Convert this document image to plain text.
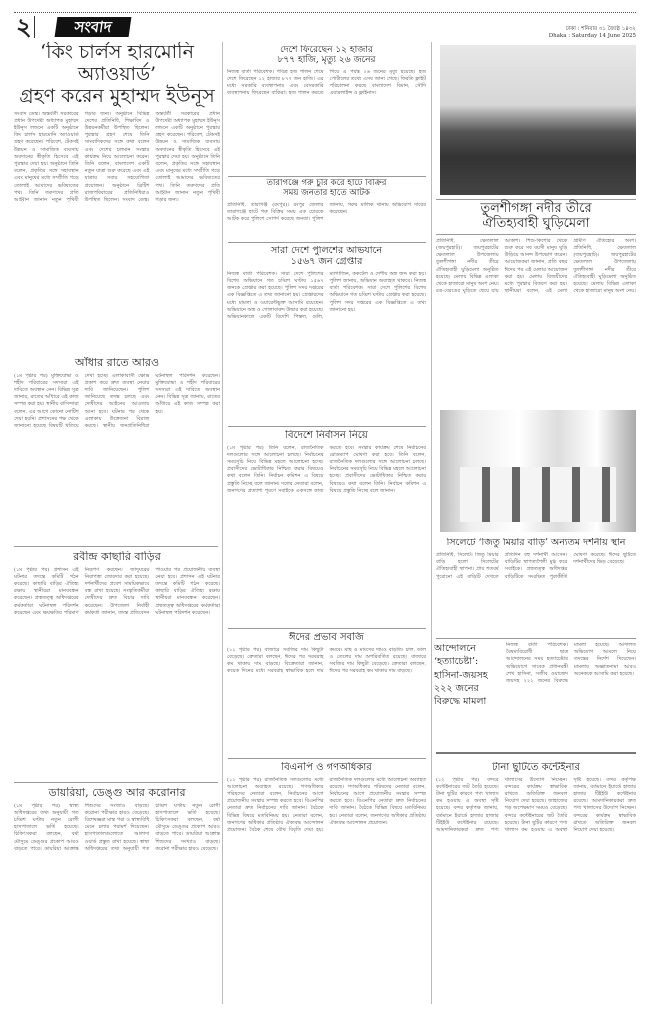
২	সংবাদ	ঢাকা : শনিবার ৩১ জ্যৈষ্ঠ ১৪৩২
Dhaka : Saturday 14 June 2025
‘কিং চার্লস হারমোনি অ্যাওয়ার্ড’
গ্রহণ করেন মুহাম্মদ ইউনূস
সংবাদ ডেস্ক। অন্তর্বর্তী সরকারের প্রধান উপদেষ্টা অধ্যাপক মুহাম্মদ ইউনূস লন্ডনে একটি অনুষ্ঠানে কিং চার্লস হারমোনি অ্যাওয়ার্ড গ্রহণ করেছেন। পরিবেশ, টেকসই উন্নয়ন ও সামাজিক ব্যবসায় অবদানের স্বীকৃতি হিসেবে এই পুরস্কার দেয়া হয়। অনুষ্ঠানে তিনি বলেন, প্রকৃতির সঙ্গে সহাবস্থান এবং মানুষের মধ্যে সম্প্রীতি গড়ে তোলাই আমাদের ভবিষ্যতের পথ। তিনি তরুণদের প্রতি আহ্বান জানান নতুন পৃথিবী গড়ার জন্য। অনুষ্ঠানে বিভিন্ন দেশের প্রতিনিধি, শিক্ষাবিদ ও উন্নয়নকর্মীরা উপস্থিত ছিলেন। পুরস্কার গ্রহণ শেষে তিনি সাংবাদিকদের সঙ্গে কথা বলেন এবং দেশের চলমান সংস্কার কার্যক্রম নিয়ে আলোচনা করেন। তিনি বলেন, বাংলাদেশ একটি নতুন যাত্রা শুরু করেছে এবং এই যাত্রায় সবার সহযোগিতা প্রয়োজন। অনুষ্ঠানে ব্রিটিশ রাজপরিবারের প্রতিনিধিরাও উপস্থিত ছিলেন। সংবাদ ডেস্ক। অন্তর্বর্তী সরকারের প্রধান উপদেষ্টা অধ্যাপক মুহাম্মদ ইউনূস লন্ডনে একটি অনুষ্ঠানে পুরস্কার গ্রহণ করেছেন। পরিবেশ, টেকসই উন্নয়ন ও সামাজিক ব্যবসায় অবদানের স্বীকৃতি হিসেবে এই পুরস্কার দেয়া হয়। অনুষ্ঠানে তিনি বলেন, প্রকৃতির সঙ্গে সহাবস্থান এবং মানুষের মধ্যে সম্প্রীতি গড়ে তোলাই আমাদের ভবিষ্যতের পথ। তিনি তরুণদের প্রতি আহ্বান জানান নতুন পৃথিবী গড়ার জন্য।
আঁধার রাতে আরও
(১ম পৃষ্ঠার পর) মুক্তিযোদ্ধা ও শহীদ পরিবারের সদস্যরা এই দাবিতে অবস্থান নেন। বিভিন্ন সূত্র জানায়, রাতের আঁধারে এই কাজ সম্পন্ন করা হয়। স্থানীয় বাসিন্দারা বলেন, এর আগে কোনো নোটিশ দেয়া হয়নি। প্রশাসনের পক্ষ থেকে জানানো হয়েছে বিষয়টি খতিয়ে দেখা হচ্ছে। এলাকাবাসী ক্ষোভ প্রকাশ করে দ্রুত ব্যবস্থা নেয়ার দাবি জানিয়েছেন। পুলিশ জানিয়েছে তদন্ত চলছে এবং দোষীদের আইনের আওতায় আনা হবে। ঘটনার পর থেকে এলাকায় উত্তেজনা বিরাজ করছে। স্থানীয় জনপ্রতিনিধিরা ঘটনাস্থল পরিদর্শন করেছেন। মুক্তিযোদ্ধা ও শহীদ পরিবারের সদস্যরা এই দাবিতে অবস্থান নেন। বিভিন্ন সূত্র জানায়, রাতের আঁধারে এই কাজ সম্পন্ন করা হয়।
রবীন্দ্র কাছারি বাড়ির
(১ম পৃষ্ঠার পর) প্রশাসন এই ঘটনার তদন্তে কমিটি গঠন করেছে। কাছারি বাড়ির ঐতিহ্য রক্ষায় স্থানীয়রা মানববন্ধন করেছেন। প্রত্নতত্ত্ব অধিদপ্তরের কর্মকর্তারা ঘটনাস্থল পরিদর্শন করেছেন এবং ক্ষয়ক্ষতির পরিমাণ নিরূপণ করছেন। জাদুঘরের নিরাপত্তা জোরদার করা হয়েছে। দর্শনার্থীদের প্রবেশ সাময়িকভাবে বন্ধ রাখা হয়েছে। সংস্কৃতিকর্মীরা দোষীদের দ্রুত বিচার দাবি করেছেন। উপজেলা নির্বাহী কর্মকর্তা জানান, তদন্ত প্রতিবেদন পাওয়ার পর প্রয়োজনীয় ব্যবস্থা নেয়া হবে। প্রশাসন এই ঘটনার তদন্তে কমিটি গঠন করেছে। কাছারি বাড়ির ঐতিহ্য রক্ষায় স্থানীয়রা মানববন্ধন করেছেন। প্রত্নতত্ত্ব অধিদপ্তরের কর্মকর্তারা ঘটনাস্থল পরিদর্শন করেছেন।
ডায়রিয়া, ডেঙ্গু আর করোনার
(১ম পৃষ্ঠার পর) স্বাস্থ্য অধিদপ্তরের তথ্য অনুযায়ী গত চব্বিশ ঘণ্টায় নতুন রোগী হাসপাতালে ভর্তি হয়েছে। চিকিৎসকরা বলছেন, বর্ষা মৌসুমে ডেঙ্গুর প্রকোপ আরও বাড়তে পারে। ডায়রিয়া আক্রান্ত শিশুদের সংখ্যাও বাড়ছে। করোনা পরীক্ষার হারও বেড়েছে। বিশেষজ্ঞরা মাস্ক পরা ও স্বাস্থ্যবিধি মেনে চলার পরামর্শ দিয়েছেন। হাসপাতালগুলোতে আলাদা ওয়ার্ড প্রস্তুত রাখা হয়েছে। স্বাস্থ্য অধিদপ্তরের তথ্য অনুযায়ী গত চব্বিশ ঘণ্টায় নতুন রোগী হাসপাতালে ভর্তি হয়েছে। চিকিৎসকরা বলছেন, বর্ষা মৌসুমে ডেঙ্গুর প্রকোপ আরও বাড়তে পারে। ডায়রিয়া আক্রান্ত শিশুদের সংখ্যাও বাড়ছে। করোনা পরীক্ষার হারও বেড়েছে।
দেশে ফিরেছেন ১২ হাজার
৮৭৭ হাজি, মৃত্যু ২৬ জনের
নিজস্ব বার্তা পরিবেশক। পবিত্র হজ পালন শেষে দেশে ফিরেছেন ১২ হাজার ৮৭৭ জন হাজি। এর মধ্যে সরকারি ব্যবস্থাপনায় এবং বেসরকারি ব্যবস্থাপনায় ফিরেছেন বাকিরা। হজ পালন করতে গিয়ে এ পর্যন্ত ২৬ জনের মৃত্যু হয়েছে। হজ পোর্টালের তথ্যে এসব জানা গেছে। ফিরতি ফ্লাইট পরিচালনা করছে বাংলাদেশ বিমান, সৌদি এয়ারলাইন্স ও ফ্লাইনাস।
তারাগঞ্জে গরু চুরি করে হাটে বিক্রির
সময় জনতার হাতে আটক
প্রতিনিধি, তারাগঞ্জ (রংপুর)। রংপুর জেলার তারাগঞ্জে হাটে গরু বিক্রির সময় এক চোরকে আটক করে পুলিশে সোপর্দ করেছে জনতা। পুলিশ জানায়, গরুর মালিক থানায় অভিযোগ দায়ের করেছেন।
সারা দেশে পুলিশের অভিযানে
১৫৬৭ জন গ্রেপ্তার
নিজস্ব বার্তা পরিবেশক। সারা দেশে পুলিশের বিশেষ অভিযানে গত চব্বিশ ঘণ্টায় ১৫৬৭ জনকে গ্রেপ্তার করা হয়েছে। পুলিশ সদর দপ্তরের এক বিজ্ঞপ্তিতে এ তথ্য জানানো হয়। গ্রেপ্তারদের মধ্যে মামলা ও ওয়ারেন্টভুক্ত আসামি রয়েছেন। অভিযানে অস্ত্র ও গোলাবারুদ উদ্ধার করা হয়েছে। অভিযানকালে একটি বিদেশি পিস্তল, গুলি, ম্যাগাজিন, ককটেল ও দেশীয় অস্ত্র জব্দ করা হয়। পুলিশ জানায়, অভিযান অব্যাহত থাকবে। নিজস্ব বার্তা পরিবেশক। সারা দেশে পুলিশের বিশেষ অভিযানে গত চব্বিশ ঘণ্টায় গ্রেপ্তার করা হয়েছে। পুলিশ সদর দপ্তরের এক বিজ্ঞপ্তিতে এ তথ্য জানানো হয়।
বিদেশে নির্বাসন নিয়ে
(১ম পৃষ্ঠার পর) তিনি বলেন, রাজনৈতিক দলগুলোর সঙ্গে আলোচনা চলছে। নির্বাচনের সময়সূচি নিয়ে বিভিন্ন মহলে আলোচনা হচ্ছে। প্রবাসীদের ভোটাধিকার নিশ্চিত করার বিষয়েও কথা বলেন তিনি। নির্বাচন কমিশন এ বিষয়ে প্রস্তুতি নিচ্ছে বলে জানান। দলের নেতারা বলেন, জনগণের প্রত্যাশা পূরণে সবাইকে একসঙ্গে কাজ করতে হবে। সংস্কার কার্যক্রম শেষে নির্বাচনের রোডম্যাপ ঘোষণা করা হবে। তিনি বলেন, রাজনৈতিক দলগুলোর সঙ্গে আলোচনা চলছে। নির্বাচনের সময়সূচি নিয়ে বিভিন্ন মহলে আলোচনা হচ্ছে। প্রবাসীদের ভোটাধিকার নিশ্চিত করার বিষয়েও কথা বলেন তিনি। নির্বাচন কমিশন এ বিষয়ে প্রস্তুতি নিচ্ছে বলে জানান।
ঈদের প্রভাব সবজি
(১১ পৃষ্ঠার পর) বাজারে সবজির দাম কিছুটা বেড়েছে। ক্রেতারা বলছেন, ঈদের পর সরবরাহ কম থাকায় দাম বাড়ছে। বিক্রেতারা জানান, কয়েক দিনের মধ্যে সরবরাহ স্বাভাবিক হলে দাম কমবে। মাছ ও মাংসের দামও বাড়তি। চাল, ডাল ও তেলের দাম অপরিবর্তিত রয়েছে। বাজারে সবজির দাম কিছুটা বেড়েছে। ক্রেতারা বলছেন, ঈদের পর সরবরাহ কম থাকায় দাম বাড়ছে।
বিএনপি ও গণঅধিকার
(১১ পৃষ্ঠার পর) রাজনৈতিক দলগুলোর মধ্যে আলোচনা অব্যাহত রয়েছে। গণঅধিকার পরিষদের নেতারা বলেন, নির্বাচনের আগে প্রয়োজনীয় সংস্কার সম্পন্ন করতে হবে। বিএনপির নেতারা দ্রুত নির্বাচনের দাবি জানান। বৈঠকে বিভিন্ন বিষয়ে মতবিনিময় হয়। নেতারা বলেন, জনগণের অধিকার প্রতিষ্ঠায় ঐক্যবদ্ধ আন্দোলন প্রয়োজন। বৈঠক শেষে যৌথ বিবৃতি দেয়া হয়। রাজনৈতিক দলগুলোর মধ্যে আলোচনা অব্যাহত রয়েছে। গণঅধিকার পরিষদের নেতারা বলেন, নির্বাচনের আগে প্রয়োজনীয় সংস্কার সম্পন্ন করতে হবে। বিএনপির নেতারা দ্রুত নির্বাচনের দাবি জানান। বৈঠকে বিভিন্ন বিষয়ে মতবিনিময় হয়। নেতারা বলেন, জনগণের অধিকার প্রতিষ্ঠায় ঐক্যবদ্ধ আন্দোলন প্রয়োজন।
তুলশীগঙ্গা নদীর তীরে
ঐতিহ্যবাহী ঘুড়িমেলা
প্রতিনিধি, ক্ষেতলাল (জয়পুরহাট)। জয়পুরহাটের ক্ষেতলাল উপজেলায় তুলশীগঙ্গা নদীর তীরে ঐতিহ্যবাহী ঘুড়িমেলা অনুষ্ঠিত হয়েছে। মেলায় বিভিন্ন এলাকা থেকে হাজারো মানুষ অংশ নেয়। রঙ-বেরঙের ঘুড়িতে ছেয়ে যায় আকাশ। শিশু-কিশোর থেকে শুরু করে সব বয়সী মানুষ ঘুড়ি উড়িয়ে আনন্দ উপভোগ করেন। আয়োজকরা জানান, প্রতি বছর ঈদের পর এই মেলার আয়োজন করা হয়। মেলায় বিজয়ীদের মধ্যে পুরস্কার বিতরণ করা হয়। স্থানীয়রা বলেন, এই মেলা গ্রামীণ ঐতিহ্যের অংশ। প্রতিনিধি, ক্ষেতলাল (জয়পুরহাট)। জয়পুরহাটের ক্ষেতলাল উপজেলায় তুলশীগঙ্গা নদীর তীরে ঐতিহ্যবাহী ঘুড়িমেলা অনুষ্ঠিত হয়েছে। মেলায় বিভিন্ন এলাকা থেকে হাজারো মানুষ অংশ নেয়।
সিলেটে ‘জিতু মিয়ার বাড়ি’ অন্যতম দর্শনীয় স্থান
প্রতিনিধি, সিলেট। জিতু মিয়ার বাড়ি হলো সিলেটের ঐতিহ্যবাহী স্থাপনা। প্রায় শতবর্ষ পুরোনো এই বাড়িটি দেখতে প্রতিদিন বহু দর্শনার্থী আসেন। বাড়িটির স্থাপত্যশৈলী মুগ্ধ করে সবাইকে। প্রত্নতত্ত্ব অধিদপ্তর বাড়িটিকে সংরক্ষিত পুরাকীর্তি ঘোষণা করেছে। ঈদের ছুটিতে দর্শনার্থীদের ভিড় বেড়েছে।
আন্দোলনে
‘হত্যাচেষ্টা’:
হাসিনা-জয়সহ
২২২ জনের
বিরুদ্ধে মামলা
নিজস্ব বার্তা পরিবেশক। বৈষম্যবিরোধী ছাত্র আন্দোলনের সময় হত্যাচেষ্টার অভিযোগে সাবেক প্রধানমন্ত্রী শেখ হাসিনা, সজীব ওয়াজেদ জয়সহ ২২২ জনের বিরুদ্ধে মামলা হয়েছে। আদালত অভিযোগ আমলে নিয়ে তদন্তের নির্দেশ দিয়েছেন। মামলায় অজ্ঞাতনামা আরও অনেককে আসামি করা হয়েছে।
টানা ছুটিতে কন্টেইনার
(১২ পৃষ্ঠার পর) বন্দরে কন্টেইনারের জট তৈরি হয়েছে। টানা ছুটির কারণে পণ্য খালাস কম হওয়ায় এ অবস্থা সৃষ্টি হয়েছে। বন্দর কর্তৃপক্ষ জানায়, বর্তমানে ইয়ার্ডে হাজার হাজার টিইইউ কন্টেইনার রয়েছে। আমদানিকারকরা দ্রুত পণ্য খালাসের উদ্যোগ নিচ্ছেন। বন্দরের কার্যক্রম স্বাভাবিক রাখতে অতিরিক্ত জনবল নিয়োগ দেয়া হয়েছে। জাহাজের গড় অপেক্ষমাণ সময়ও বেড়েছে। বন্দরে কন্টেইনারের জট তৈরি হয়েছে। টানা ছুটির কারণে পণ্য খালাস কম হওয়ায় এ অবস্থা সৃষ্টি হয়েছে। বন্দর কর্তৃপক্ষ জানায়, বর্তমানে ইয়ার্ডে হাজার হাজার টিইইউ কন্টেইনার রয়েছে। আমদানিকারকরা দ্রুত পণ্য খালাসের উদ্যোগ নিচ্ছেন। বন্দরের কার্যক্রম স্বাভাবিক রাখতে অতিরিক্ত জনবল নিয়োগ দেয়া হয়েছে।
